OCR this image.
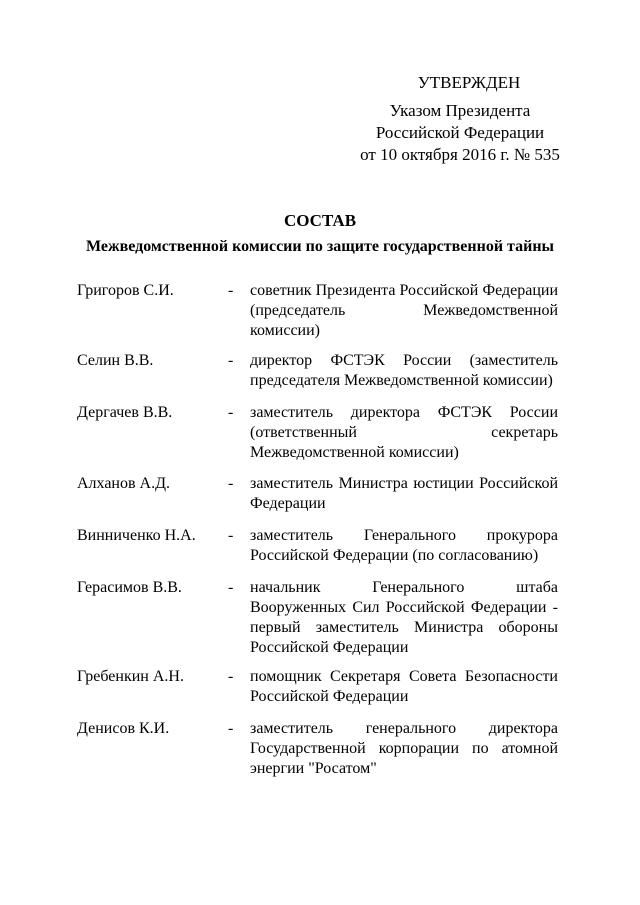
УТВЕРЖДЕН
Указом Президента
Российской Федерации
от 10 октября 2016 г. № 535
СОСТАВ
Межведомственной комиссии по защите государственной тайны
Григоров С.И.	- советник Президента Российской Федерации (председатель Межведомственной комиссии)
Селин В.В.	- директор ФСТЭК России (заместитель председателя Межведомственной комиссии)
Дергачев В.В.	- заместитель директора ФСТЭК России (ответственный секретарь Межведомственной комиссии)
Алханов А.Д.	- заместитель Министра юстиции Российской Федерации
Винниченко Н.А. - заместитель Генерального прокурора Российской Федерации (по согласованию)
Герасимов В.В.	- начальник Генерального штаба Вооруженных Сил Российской Федерации - первый заместитель Министра обороны Российской Федерации
Гребенкин А.Н.	- помощник Секретаря Совета Безопасности Российской Федерации
Денисов К.И.	- заместитель генерального директора Государственной корпорации по атомной энергии "Росатом"
